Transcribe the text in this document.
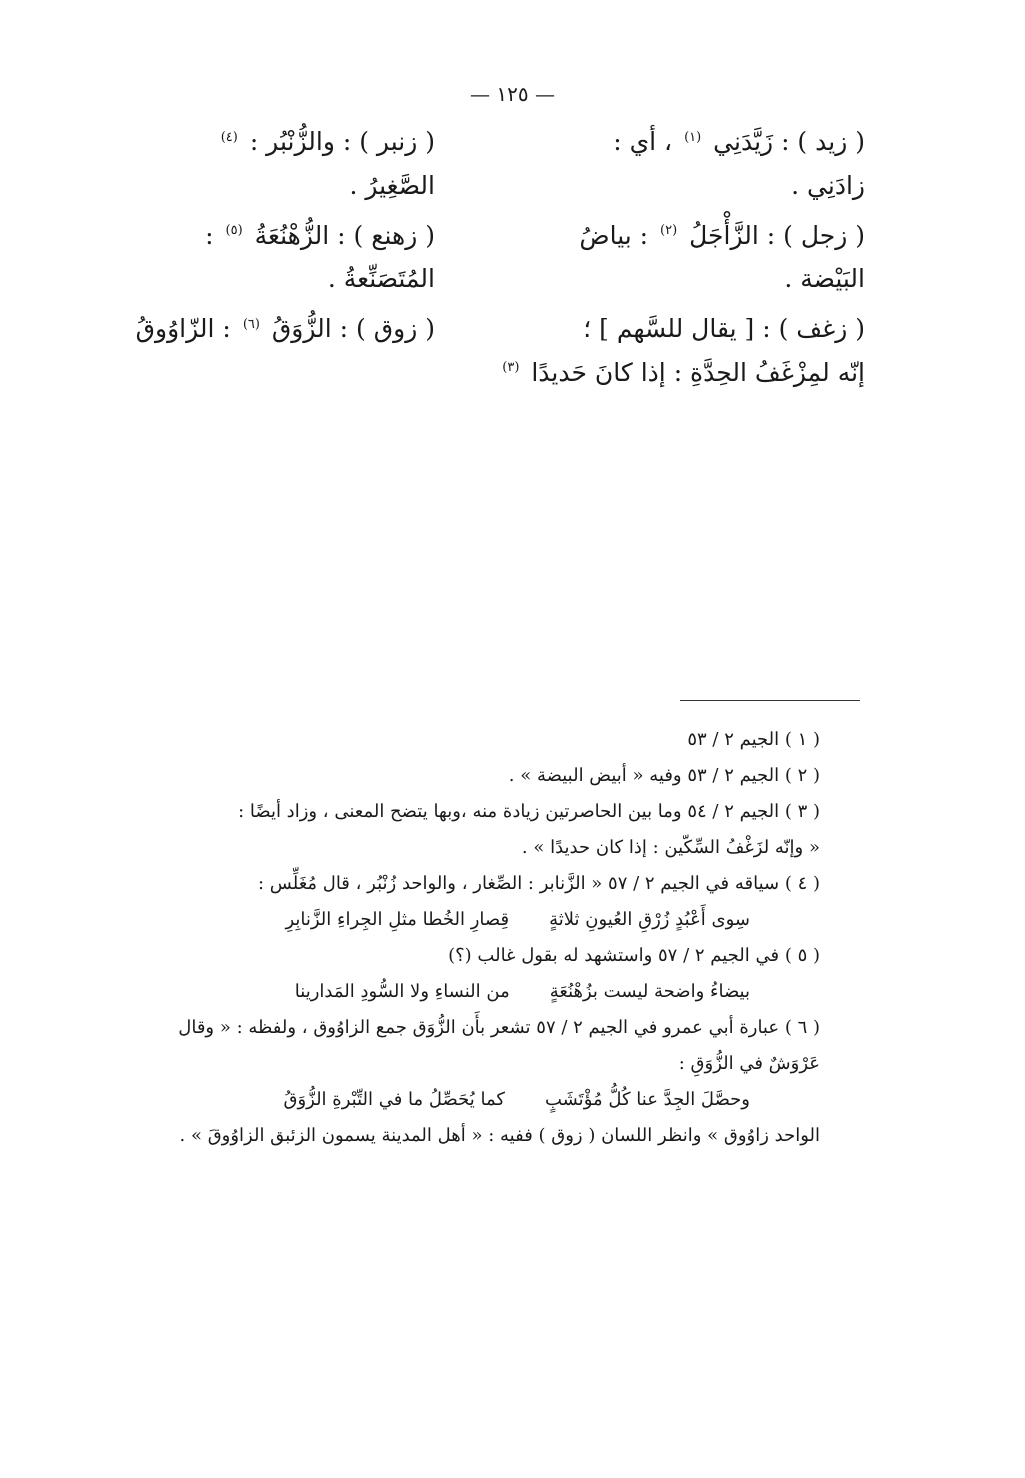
— ١٢٥ —
( زيد ) : زَيَّدَنِي $^{(١)}$ ، أي :
زادَنِي .
( زجل ) : الزَّأْجَلُ $^{(٢)}$ : بياضُ
البَيْضة .
( زغف ) : [ يقال للسَّهم ] ؛
إنّه لمِزْغَفُ الحِدَّةِ : إذا كانَ حَديدًا $^{(٣)}$
( زنبر ) : والزُّنْبُر : $^{(٤)}$
الصَّغِيرُ .
( زهنع ) : الزُّهْنُعَةُ $^{(٥)}$ :
المُتَصَنِّعةُ .
( زوق ) : الزُّوَقُ $^{(٦)}$ : الزّاوُوقُ

( ١ ) الجيم ٢ / ٥٣

( ٢ ) الجيم ٢ / ٥٣ وفيه « أبيض البيضة » .

( ٣ ) الجيم ٢ / ٥٤ وما بين الحاصرتين زيادة منه ،وبها يتضح المعنى ، وزاد أيضًا :

« وإنّه لزَغْفُ السِّكّين : إذا كان حديدًا » .

( ٤ ) سياقه في الجيم ٢ / ٥٧ « الزَّنابر : الصِّغار ، والواحد زُنْبُر ، قال مُغَلِّس :

سِوى أَعْبُدٍ زُرْقِ العُيونِ ثلاثةٍ
قِصارِ الخُطا مثلِ الجِراءِ الزَّنابِرِ

( ٥ ) في الجيم ٢ / ٥٧ واستشهد له بقول غالب (؟)

بيضاءُ واضحة ليست بزُهْنُعَةٍ
من النساءِ ولا السُّودِ المَدارينا

( ٦ ) عبارة أبي عمرو في الجيم ٢ / ٥٧ تشعر بأَن الزُّوَق جمع الزاوُوق ، ولفظه : « وقال

عَرْوَشٌ في الزُّوَقِ :

وحصَّلَ الجِدَّ عنا كُلُّ مُؤْتَشَبٍ
كما يُحَصِّلُ ما في التِّبْرةِ الزُّوَقُ

الواحد زاوُوق » وانظر اللسان ( زوق ) ففيه : « أهل المدينة يسمون الزئبق الزاوُوقَ » .
